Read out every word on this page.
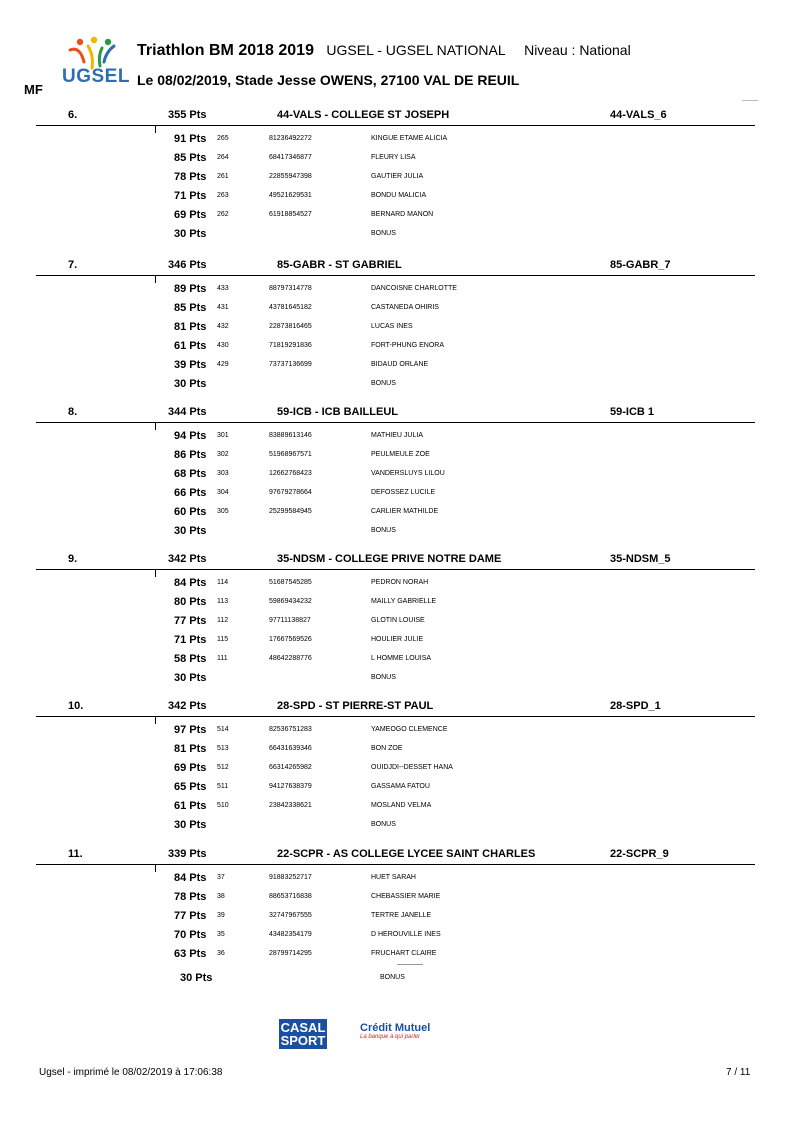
UGSEL
Triathlon BM 2018 2019 UGSEL - UGSEL NATIONAL Niveau : National
Le 08/02/2019, Stade Jesse OWENS, 27100 VAL DE REUIL
MF
6.	355 Pts	44-VALS - COLLEGE ST JOSEPH	44-VALS_6
91 Pts 265	81236492272	KINGUE ETAME ALICIA
85 Pts 264	68417346877	FLEURY LISA
78 Pts 261	22855947398	GAUTIER JULIA
71 Pts 263	49521629531	BONDU MALICIA
69 Pts 262	61918854527	BERNARD MANON
30 Pts	BONUS
7.	346 Pts	85-GABR - ST GABRIEL	85-GABR_7
89 Pts 433	88797314778	DANCOISNE CHARLOTTE
85 Pts 431	43781645182	CASTANEDA OHIRIS
81 Pts 432	22873816465	LUCAS INES
61 Pts 430	71819291836	FORT-PHUNG ENORA
39 Pts 429	73737136699	BIDAUD ORLANE
30 Pts	BONUS
8.	344 Pts	59-ICB - ICB BAILLEUL	59-ICB 1
94 Pts 301	83889613146	MATHIEU JULIA
86 Pts 302	51968967571	PEULMEULE ZOE
68 Pts 303	12662768423	VANDERSLUYS LILOU
66 Pts 304	97679278664	DEFOSSEZ LUCILE
60 Pts 305	25299584945	CARLIER MATHILDE
30 Pts	BONUS
9.	342 Pts	35-NDSM - COLLEGE PRIVE NOTRE DAME	35-NDSM_5
84 Pts 114	51687545285	PEDRON NORAH
80 Pts 113	59869434232	MAILLY GABRIELLE
77 Pts 112	97711138827	GLOTIN LOUISE
71 Pts 115	17667569526	HOULIER JULIE
58 Pts 111	48642288776	L HOMME LOUISA
30 Pts	BONUS
10.	342 Pts	28-SPD - ST PIERRE-ST PAUL	28-SPD_1
97 Pts 514	82536751283	YAMEOGO CLEMENCE
81 Pts 513	66431639346	BON ZOE
69 Pts 512	66314265982	OUIDJDI--DESSET HANA
65 Pts 511	94127638379	GASSAMA FATOU
61 Pts 510	23842338621	MOSLAND VELMA
30 Pts	BONUS
11.	339 Pts	22-SCPR - AS COLLEGE LYCEE SAINT CHARLES	22-SCPR_9
84 Pts 37	91883252717	HUET SARAH
78 Pts 38	88653716838	CHEBASSIER MARIE
77 Pts 39	32747967555	TERTRE JANELLE
70 Pts 35	43482354179	D HEROUVILLE INES
63 Pts 36	28799714295	FRUCHART CLAIRE
30 Pts	BONUS
CASAL
SPORT
Crédit Mutuel
La banque à qui parler
Ugsel - imprimé le 08/02/2019 à 17:06:38	7 / 11
